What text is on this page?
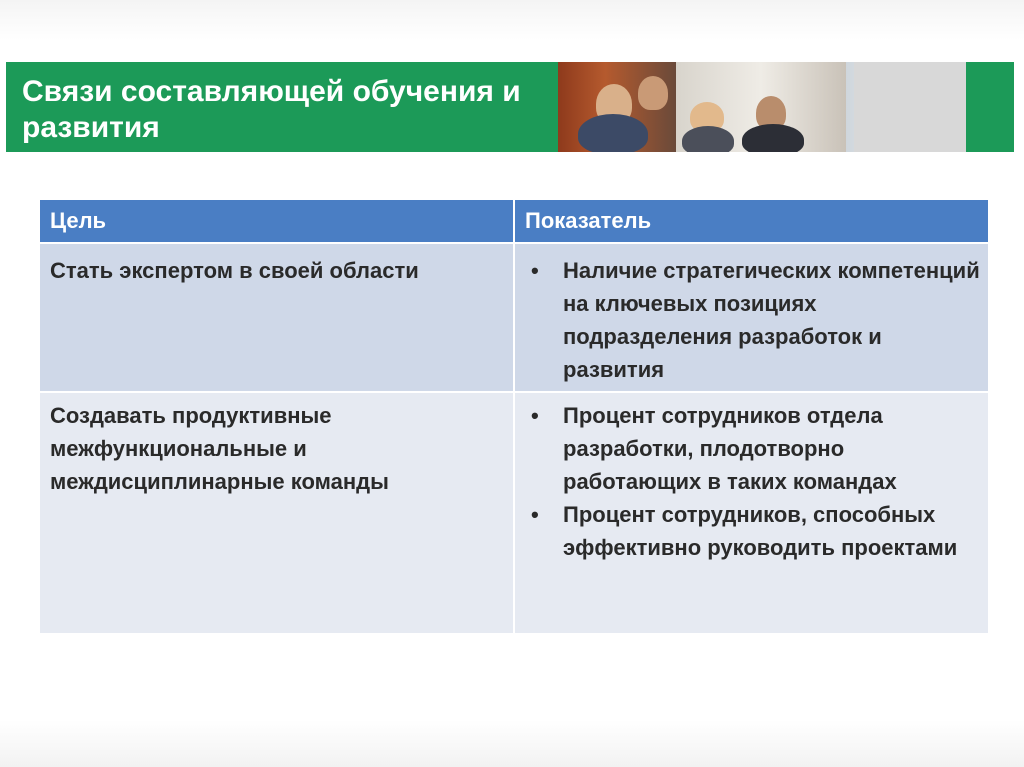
Связи составляющей обучения и развития
Цель	Показатель
Стать экспертом в своей области	• Наличие стратегических компетенций на ключевых позициях подразделения разработок и развития
Создавать продуктивные межфункциональные и междисциплинарные команды
• Процент сотрудников отдела разработки, плодотворно работающих в таких командах
• Процент сотрудников, способных эффективно руководить проектами
